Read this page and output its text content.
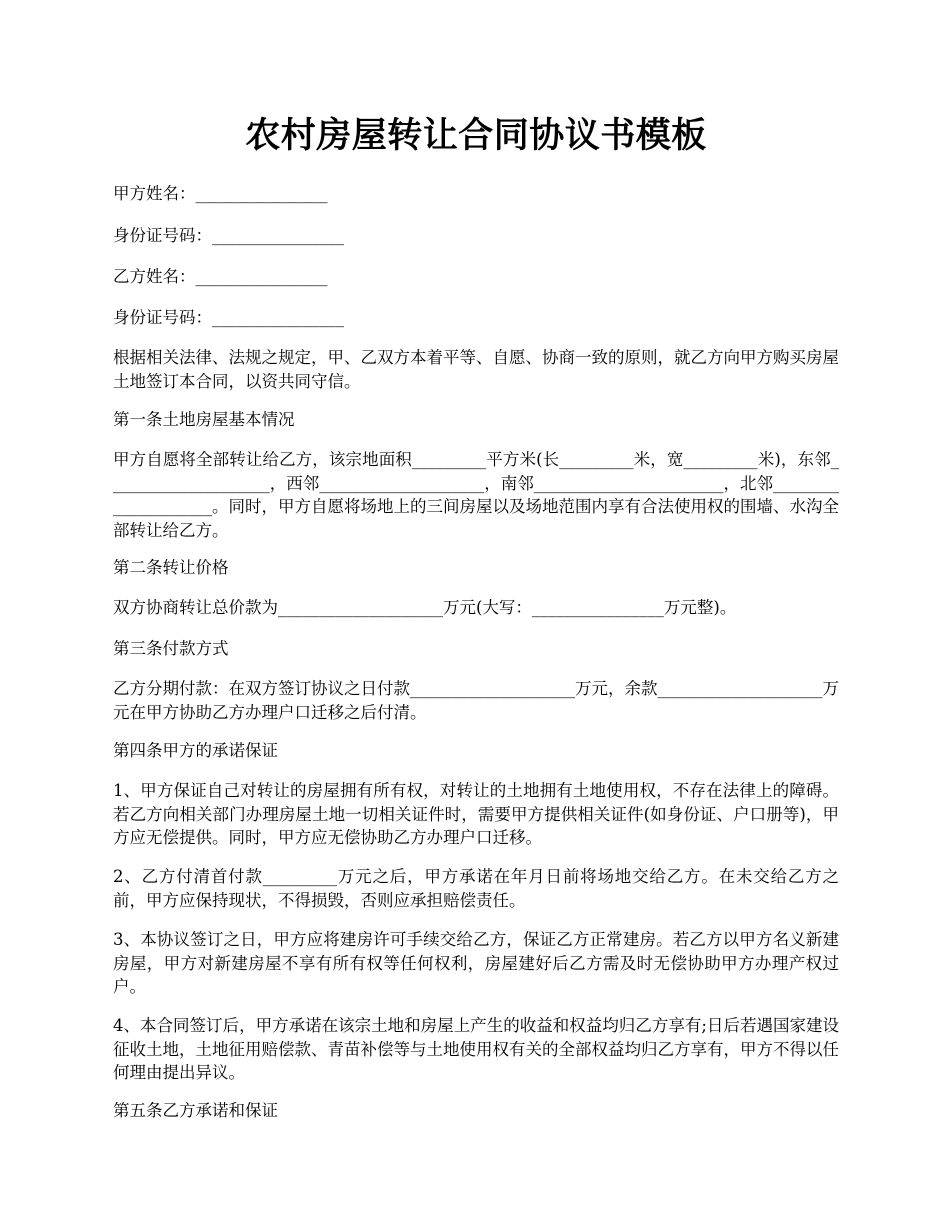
农村房屋转让合同协议书模板
甲方姓名：________________
身份证号码：________________
乙方姓名：________________
身份证号码：________________
根据相关法律、法规之规定，甲、乙双方本着平等、自愿、协商一致的原则，就乙方向甲方购买房屋土地签订本合同，以资共同守信。
第一条土地房屋基本情况
甲方自愿将全部转让给乙方，该宗地面积_________平方米(长_________米，宽_________米)，东邻____________________，西邻____________________，南邻_______________________，北邻____________________。同时，甲方自愿将场地上的三间房屋以及场地范围内享有合法使用权的围墙、水沟全部转让给乙方。
第二条转让价格
双方协商转让总价款为____________________万元(大写：________________万元整)。
第三条付款方式
乙方分期付款：在双方签订协议之日付款____________________万元，余款____________________万元在甲方协助乙方办理户口迁移之后付清。
第四条甲方的承诺保证
1、甲方保证自己对转让的房屋拥有所有权，对转让的土地拥有土地使用权，不存在法律上的障碍。若乙方向相关部门办理房屋土地一切相关证件时，需要甲方提供相关证件(如身份证、户口册等)，甲方应无偿提供。同时，甲方应无偿协助乙方办理户口迁移。
2、乙方付清首付款_________万元之后，甲方承诺在年月日前将场地交给乙方。在未交给乙方之前，甲方应保持现状，不得损毁，否则应承担赔偿责任。
3、本协议签订之日，甲方应将建房许可手续交给乙方，保证乙方正常建房。若乙方以甲方名义新建房屋，甲方对新建房屋不享有所有权等任何权利，房屋建好后乙方需及时无偿协助甲方办理产权过户。
4、本合同签订后，甲方承诺在该宗土地和房屋上产生的收益和权益均归乙方享有;日后若遇国家建设征收土地，土地征用赔偿款、青苗补偿等与土地使用权有关的全部权益均归乙方享有，甲方不得以任何理由提出异议。
第五条乙方承诺和保证
